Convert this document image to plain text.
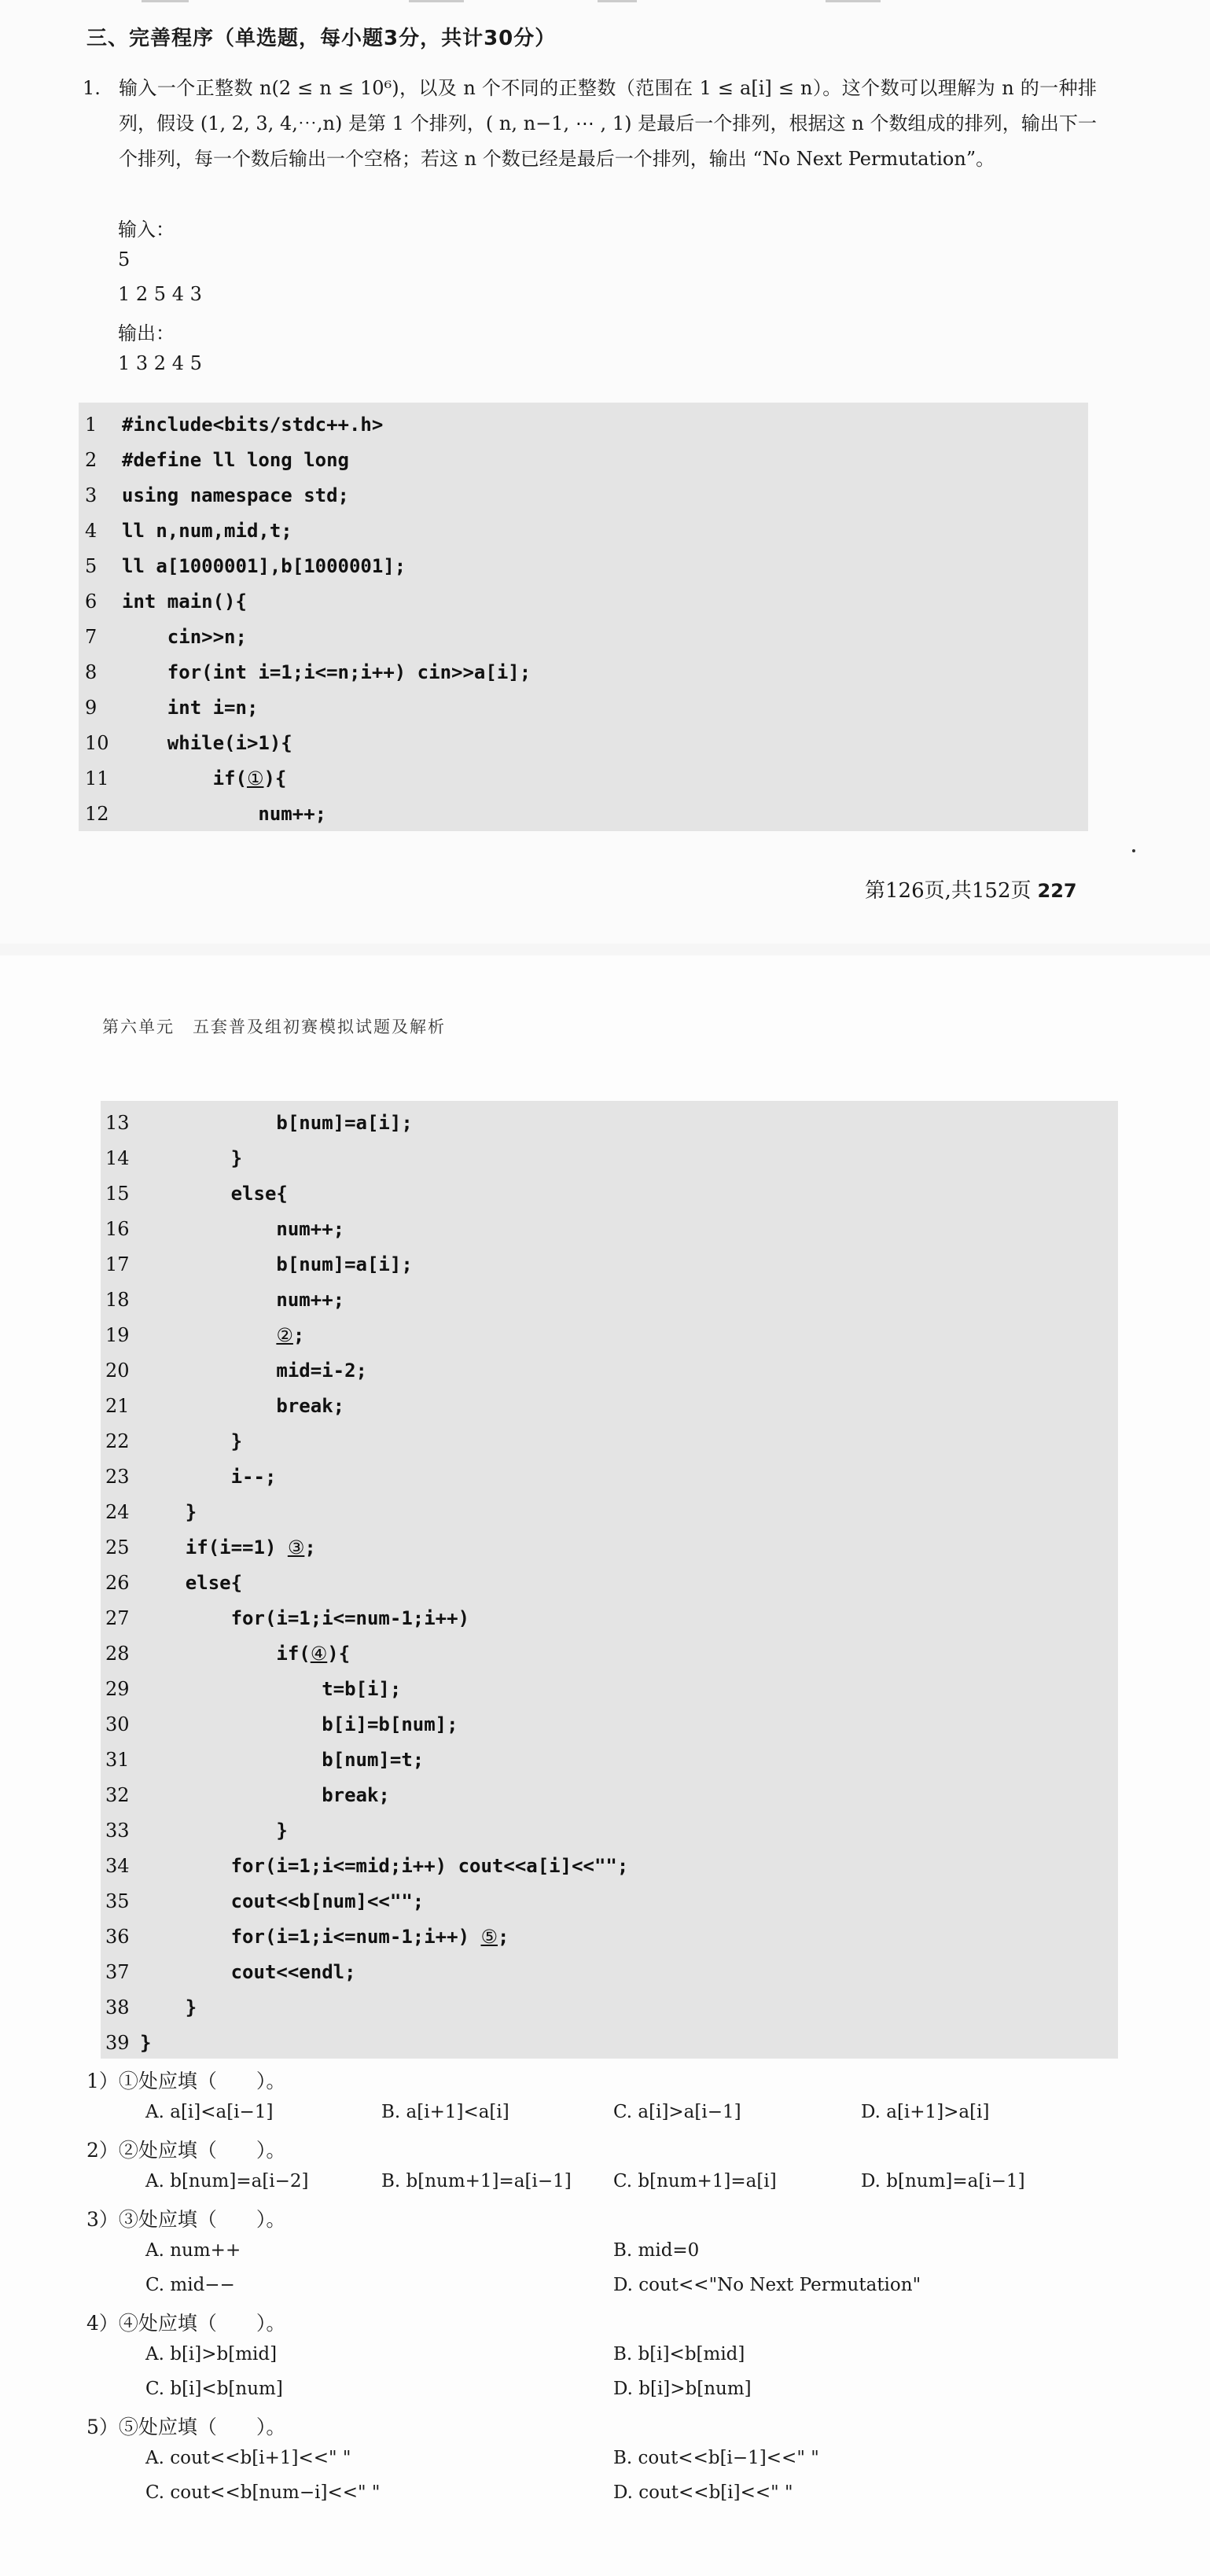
三、完善程序（单选题，每小题3分，共计30分）
1. 输入一个正整数 n(2 ≤ n ≤ 10⁶)，以及 n 个不同的正整数（范围在 1 ≤ a[i] ≤ n）。这个数可以理解为 n 的一种排列，假设 (1, 2, 3, 4,⋯,n) 是第 1 个排列，( n, n−1, ⋯ , 1) 是最后一个排列，根据这 n 个数组成的排列，输出下一个排列，每一个数后输出一个空格；若这 n 个数已经是最后一个排列，输出 “No Next Permutation”。
输入：
5
1 2 5 4 3
输出：
1 3 2 4 5
1 #include<bits/stdc++.h>
2 #define ll long long
3 using namespace std;
4 ll n,num,mid,t;
5 ll a[1000001],b[1000001];
6 int main(){
7 cin>>n;
8 for(int i=1;i<=n;i++) cin>>a[i];
9 int i=n;
10 while(i>1){
11 if(①){
12 num++;
第126页,共152页 227
第六单元　五套普及组初赛模拟试题及解析
13 b[num]=a[i];
14 }
15 else{
16 num++;
17 b[num]=a[i];
18 num++;
19	②;
20 mid=i-2;
21 break;
22 }
23 i--;
24 }
25 if(i==1) ③;
26 else{
27 for(i=1;i<=num-1;i++)
28 if(④){
29 t=b[i];
30 b[i]=b[num];
31 b[num]=t;
32 break;
33 }
34 for(i=1;i<=mid;i++) cout<<a[i]<<"";
35 cout<<b[num]<<"";
36 for(i=1;i<=num-1;i++) ⑤;
37 cout<<endl;
38 }
39 }
1）①处应填（　　）。
A. a[i]<a[i−1]	B. a[i+1]<a[i]	C. a[i]>a[i−1]	D. a[i+1]>a[i]
2）②处应填（　　）。
A. b[num]=a[i−2]	B. b[num+1]=a[i−1] C. b[num+1]=a[i]	D. b[num]=a[i−1]
3）③处应填（　　）。
A. num++	B. mid=0
C. mid−−	D. cout<<"No Next Permutation"
4）④处应填（　　）。
A. b[i]>b[mid]	B. b[i]<b[mid]
C. b[i]<b[num]	D. b[i]>b[num]
5）⑤处应填（　　）。
A. cout<<b[i+1]<<" "	B. cout<<b[i−1]<<" "
C. cout<<b[num−i]<<" "	D. cout<<b[i]<<" "
